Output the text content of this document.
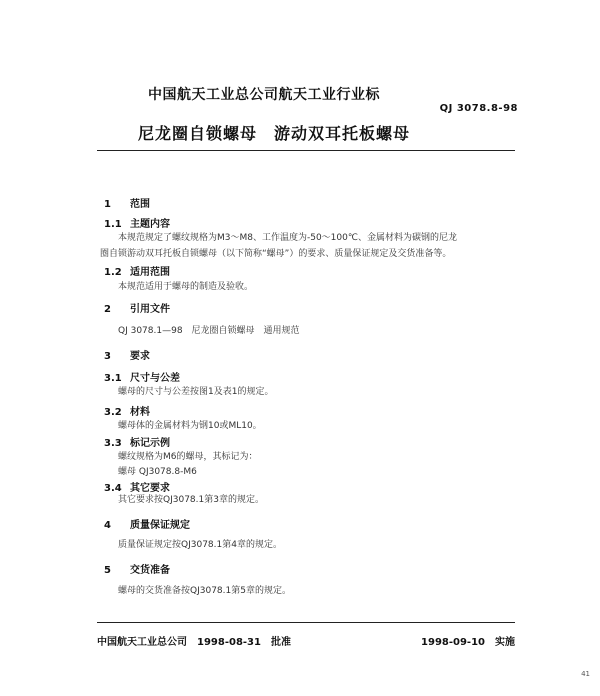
中国航天工业总公司航天工业行业标
QJ 3078.8-98
尼龙圈自锁螺母　游动双耳托板螺母
1 范围
1.1 主题内容
本规范规定了螺纹规格为M3～M8、工作温度为-50～100℃、金属材料为碳钢的尼龙
圈自锁游动双耳托板自锁螺母（以下简称“螺母”）的要求、质量保证规定及交货准备等。
1.2 适用范围
本规范适用于螺母的制造及验收。
2 引用文件
QJ 3078.1—98　尼龙圈自锁螺母　通用规范
3 要求
3.1 尺寸与公差
螺母的尺寸与公差按图1及表1的规定。
3.2 材料
螺母体的金属材料为钢10或ML10。
3.3 标记示例
螺纹规格为M6的螺母，其标记为：
螺母 QJ3078.8-M6
3.4 其它要求
其它要求按QJ3078.1第3章的规定。
4 质量保证规定
质量保证规定按QJ3078.1第4章的规定。
5 交货准备
螺母的交货准备按QJ3078.1第5章的规定。
中国航天工业总公司　1998-08-31　批准	1998-09-10　实施
41
